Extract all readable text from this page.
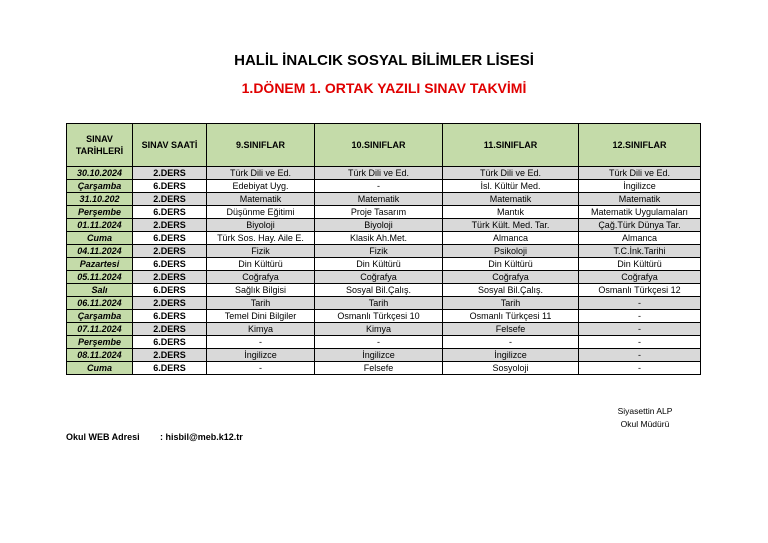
HALİL İNALCIK SOSYAL BİLİMLER LİSESİ
1.DÖNEM 1. ORTAK YAZILI SINAV TAKVİMİ
SINAV TARİHLERİ	SINAV SAATİ	9.SINIFLAR	10.SINIFLAR	11.SINIFLAR	12.SINIFLAR
30.10.2024	2.DERS	Türk Dili ve Ed.	Türk Dili ve Ed.	Türk Dili ve Ed.	Türk Dili ve Ed.
Çarşamba	6.DERS	Edebiyat Uyg.	-	İsl. Kültür Med.	İngilizce
31.10.202	2.DERS	Matematik	Matematik	Matematik	Matematik
Perşembe	6.DERS	Düşünme Eğitimi	Proje Tasarım	Mantık	Matematik Uygulamaları
01.11.2024	2.DERS	Biyoloji	Biyoloji	Türk Kült. Med. Tar.	Çağ.Türk Dünya Tar.
Cuma	6.DERS	Türk Sos. Hay. Aile E.	Klasik Ah.Met.	Almanca	Almanca
04.11.2024	2.DERS	Fizik	Fizik	Psikoloji	T.C.İnk.Tarihi
Pazartesi	6.DERS	Din Kültürü	Din Kültürü	Din Kültürü	Din Kültürü
05.11.2024	2.DERS	Coğrafya	Coğrafya	Coğrafya	Coğrafya
Salı	6.DERS	Sağlık Bilgisi	Sosyal Bil.Çalış.	Sosyal Bil.Çalış.	Osmanlı Türkçesi 12
06.11.2024	2.DERS	Tarih	Tarih	Tarih	-
Çarşamba	6.DERS	Temel Dini Bilgiler	Osmanlı Türkçesi 10	Osmanlı Türkçesi 11	-
07.11.2024	2.DERS	Kimya	Kimya	Felsefe	-
Perşembe	6.DERS	-	-	-	-
08.11.2024	2.DERS	İngilizce	İngilizce	İngilizce	-
Cuma	6.DERS	-	Felsefe	Sosyoloji	-
Siyasettin ALP
Okul Müdürü
Okul WEB Adresi : hisbil@meb.k12.tr
